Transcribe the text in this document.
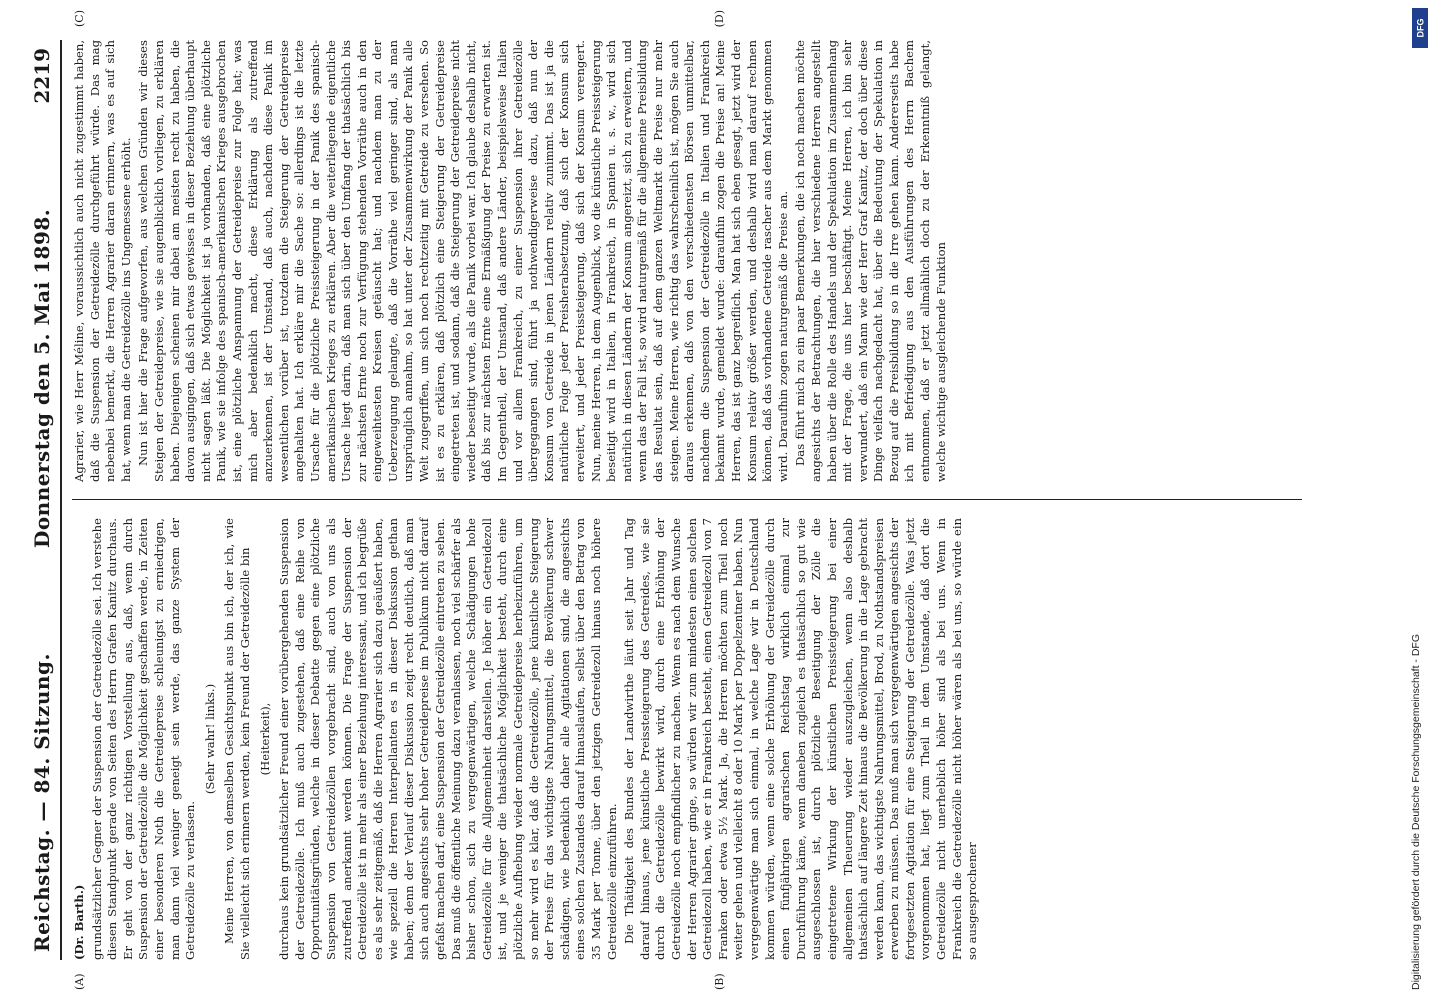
Reichstag. — 84. Sitzung.
Donnerstag den 5. Mai 1898.
2219
(A)	(B)

(Dr. Barth.) grundsätzlicher Gegner der Suspension der Getreidezölle sei. Ich verstehe diesen Standpunkt gerade von Seiten des Herrn Grafen Kanitz durchaus. Er geht von der ganz richtigen Vorstellung aus, daß, wenn durch Suspension der Getreidezölle die Möglichkeit geschaffen werde, in Zeiten einer besonderen Noth die Getreidepreise schleunigst zu erniedrigen, man dann viel weniger geneigt sein werde, das ganze System der Getreidezölle zu verlassen.

(Sehr wahr! links.) Meine Herren, von demselben Gesichtspunkt aus bin ich, der ich, wie Sie vielleicht sich erinnern werden, kein Freund der Getreidezölle bin (Heiterkeit), durchaus kein grundsätzlicher Freund einer vorübergehenden Suspension der Getreidezölle. Ich muß auch zugestehen, daß eine Reihe von Opportunitätsgründen, welche in dieser Debatte gegen eine plötzliche Suspension von Getreidezöllen vorgebracht sind, auch von uns als zutreffend anerkannt werden können. Die Frage der Suspension der Getreidezölle ist in mehr als einer Beziehung interessant, und ich begrüße es als sehr zeitgemäß, daß die Herren Agrarier sich dazu geäußert haben, wie speziell die Herren Interpellanten es in dieser Diskussion gethan haben; denn der Verlauf dieser Diskussion zeigt recht deutlich, daß man sich auch angesichts sehr hoher Getreidepreise im Publikum nicht darauf gefaßt machen darf, eine Suspension der Getreidezölle eintreten zu sehen. Das muß die öffentliche Meinung dazu veranlassen, noch viel schärfer als bisher schon, sich zu vergegenwärtigen, welche Schädigungen hohe Getreidezölle für die Allgemeinheit darstellen. Je höher ein Getreidezoll ist, und je weniger die thatsächliche Möglichkeit besteht, durch eine plötzliche Aufhebung wieder normale Getreidepreise herbeizuführen, um so mehr wird es klar, daß die Getreidezölle, jene künstliche Steigerung der Preise für das wichtigste Nahrungsmittel, die Bevölkerung schwer schädigen, wie bedenklich daher alle Agitationen sind, die angesichts eines solchen Zustandes darauf hinauslaufen, selbst über den Betrag von 35 Mark per Tonne, über den jetzigen Getreidezoll hinaus noch höhere Getreidezölle einzuführen. Die Thätigkeit des Bundes der Landwirthe läuft seit Jahr und Tag darauf hinaus, jene künstliche Preissteigerung des Getreides, wie sie durch die Getreidezölle bewirkt wird, durch eine Erhöhung der Getreidezölle noch empfindlicher zu machen. Wenn es nach dem Wunsche der Herren Agrarier ginge, so würden wir zum mindesten einen solchen Getreidezoll haben, wie er in Frankreich besteht, einen Getreidezoll von 7 Franken oder etwa 5½ Mark. Ja, die Herren möchten zum Theil noch weiter gehen und vielleicht 8 oder 10 Mark per Doppelzentner haben. Nun vergegenwärtige man sich einmal, in welche Lage wir in Deutschland kommen würden, wenn eine solche Erhöhung der Getreidezölle durch einen fünfjährigen agrarischen Reichstag wirklich einmal zur Durchführung käme, wenn daneben zugleich es thatsächlich so gut wie ausgeschlossen ist, durch plötzliche Beseitigung der Zölle die eingetretene Wirkung der künstlichen Preissteigerung bei einer allgemeinen Theuerung wieder auszugleichen, wenn also deshalb thatsächlich auf längere Zeit hinaus die Bevölkerung in die Lage gebracht werden kann, das wichtigste Nahrungsmittel, Brod, zu Nothstandspreisen erwerben zu müssen. Das muß man sich vergegenwärtigen angesichts der fortgesetzten Agitation für eine Steigerung der Getreidezölle. Was jetzt vorgenommen hat, liegt zum Theil in dem Umstande, daß dort die Getreidezölle nicht unerheblich höher sind als bei uns. Wenn in Frankreich die Getreidezölle nicht höher wären als bei uns, so würde ein so ausgesprochener

(C)	(D)

Agrarier, wie Herr Méline, voraussichtlich auch nicht zugestimmt haben, daß die Suspension der Getreidezölle durchgeführt würde. Das mag nebenbei bemerkt, die Herren Agrarier daran erinnern, was es auf sich hat, wenn man die Getreidezölle ins Ungemessene erhöht. Nun ist hier die Frage aufgeworfen, aus welchen Gründen wir dieses Steigen der Getreidepreise, wie sie augenblicklich vorliegen, zu erklären haben. Diejenigen scheinen mir dabei am meisten recht zu haben, die davon ausgingen, daß sich etwas gewisses in dieser Beziehung überhaupt nicht sagen läßt. Die Möglichkeit ist ja vorhanden, daß eine plötzliche Panik, wie sie infolge des spanisch-amerikanischen Krieges ausgebrochen ist, eine plötzliche Anspannung der Getreidepreise zur Folge hat; was mich aber bedenklich macht, diese Erklärung als zutreffend anzuerkennen, ist der Umstand, daß auch, nachdem diese Panik im wesentlichen vorüber ist, trotzdem die Steigerung der Getreidepreise angehalten hat. Ich erkläre mir die Sache so: allerdings ist die letzte Ursache für die plötzliche Preissteigerung in der Panik des spanisch-amerikanischen Krieges zu erklären. Aber die weiterliegende eigentliche Ursache liegt darin, daß man sich über den Umfang der thatsächlich bis zur nächsten Ernte noch zur Verfügung stehenden Vorräthe auch in den eingeweihtesten Kreisen getäuscht hat; und nachdem man zu der Ueberzeugung gelangte, daß die Vorräthe viel geringer sind, als man ursprünglich annahm, so hat unter der Zusammenwirkung der Panik alle Welt zugegriffen, um sich noch rechtzeitig mit Getreide zu versehen. So ist es zu erklären, daß plötzlich eine Steigerung der Getreidepreise eingetreten ist, und sodann, daß die Steigerung der Getreidepreise nicht wieder beseitigt wurde, als die Panik vorbei war. Ich glaube deshalb nicht, daß bis zur nächsten Ernte eine Ermäßigung der Preise zu erwarten ist. Im Gegentheil, der Umstand, daß andere Länder, beispielsweise Italien und vor allem Frankreich, zu einer Suspension ihrer Getreidezölle übergegangen sind, führt ja nothwendigerweise dazu, daß nun der Konsum von Getreide in jenen Ländern relativ zunimmt. Das ist ja die natürliche Folge jeder Preisherabsetzung, daß sich der Konsum sich erweitert, und jeder Preissteigerung, daß sich der Konsum verengert. Nun, meine Herren, in dem Augenblick, wo die künstliche Preissteigerung beseitigt wird in Italien, in Frankreich, in Spanien u. s. w., wird sich natürlich in diesen Ländern der Konsum angereizt, sich zu erweitern, und wenn das der Fall ist, so wird naturgemäß für die allgemeine Preisbildung das Resultat sein, daß auf dem ganzen Weltmarkt die Preise nur mehr steigen. Meine Herren, wie richtig das wahrscheinlich ist, mögen Sie auch daraus erkennen, daß von den verschiedensten Börsen unmittelbar, nachdem die Suspension der Getreidezölle in Italien und Frankreich bekannt wurde, gemeldet wurde: daraufhin zogen die Preise an! Meine Herren, das ist ganz begreiflich. Man hat sich eben gesagt, jetzt wird der Konsum relativ größer werden, und deshalb wird man darauf rechnen können, daß das vorhandene Getreide rascher aus dem Markt genommen wird. Daraufhin zogen naturgemäß die Preise an. Das führt mich zu ein paar Bemerkungen, die ich noch machen möchte angesichts der Betrachtungen, die hier verschiedene Herren angestellt haben über die Rolle des Handels und der Spekulation im Zusammenhang mit der Frage, die uns hier beschäftigt. Meine Herren, ich bin sehr verwundert, daß ein Mann wie der Herr Graf Kanitz, der doch über diese Dinge vielfach nachgedacht hat, über die Bedeutung der Spekulation in Bezug auf die Preisbildung so in die Irre gehen kann. Andererseits habe ich mit Befriedigung aus den Ausführungen des Herrn Bachem entnommen, daß er jetzt allmählich doch zu der Erkenntniß gelangt, welche wichtige ausgleichende Funktion

DFG
Digitalisierung gefördert durch die Deutsche Forschungsgemeinschaft - DFG
